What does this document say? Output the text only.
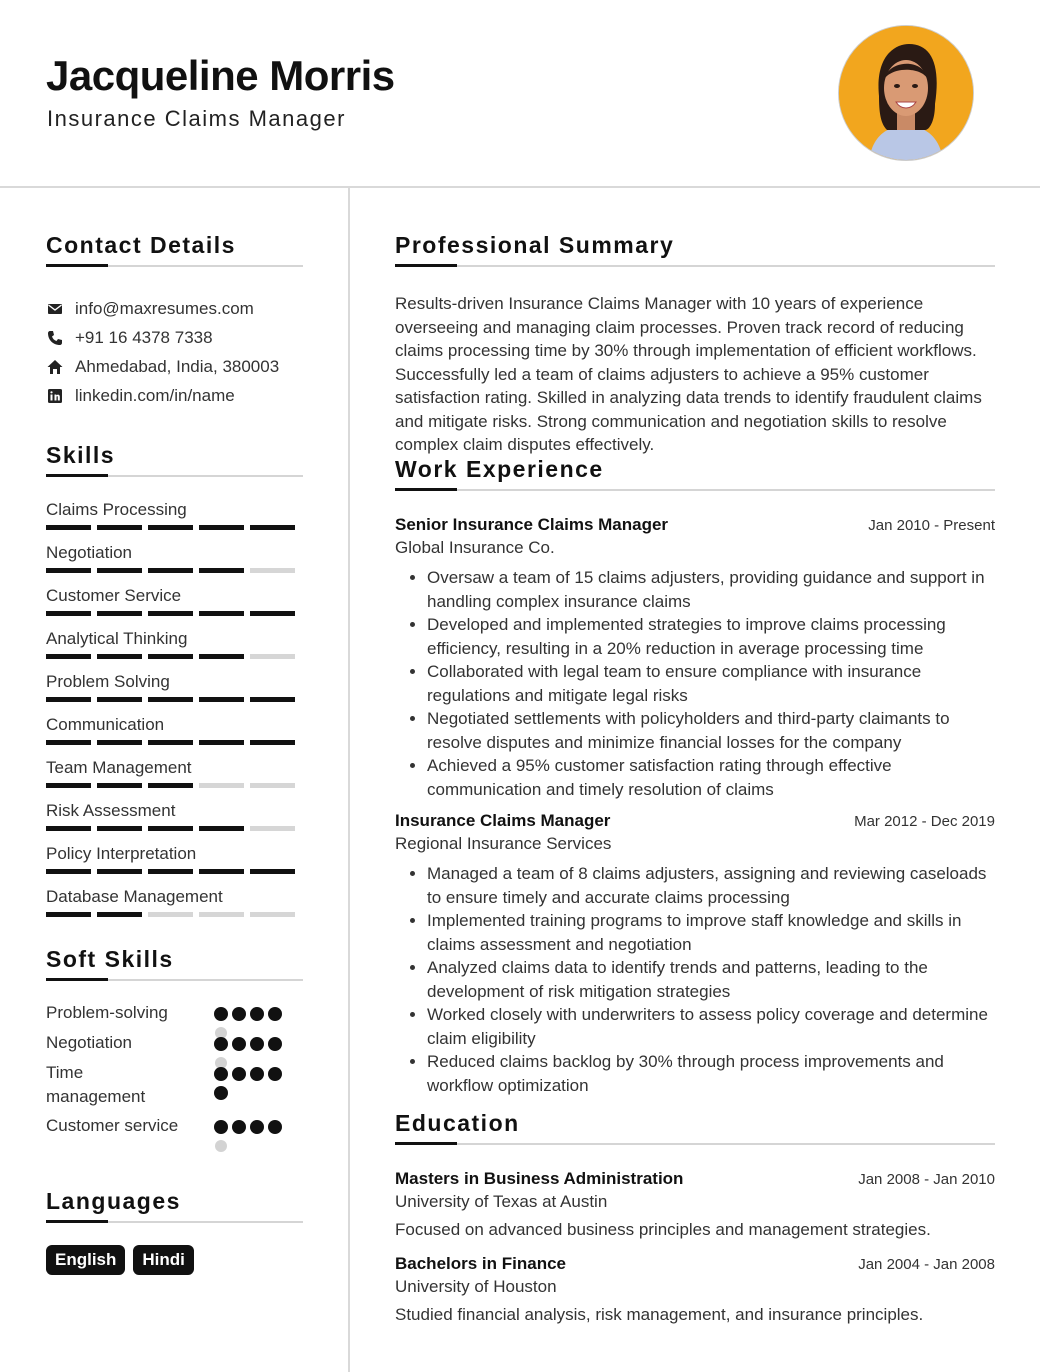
Jacqueline Morris
Insurance Claims Manager
Contact Details
info@maxresumes.com
+91 16 4378 7338
Ahmedabad, India, 380003
linkedin.com/in/name
Skills
Claims Processing
Negotiation
Customer Service
Analytical Thinking
Problem Solving
Communication
Team Management
Risk Assessment
Policy Interpretation
Database Management
Soft Skills
Problem-solving
Negotiation
Time management
Customer service
Languages
English	Hindi
Professional Summary
Results-driven Insurance Claims Manager with 10 years of experience overseeing and managing claim processes. Proven track record of reducing claims processing time by 30% through implementation of efficient workflows. Successfully led a team of claims adjusters to achieve a 95% customer satisfaction rating. Skilled in analyzing data trends to identify fraudulent claims and mitigate risks. Strong communication and negotiation skills to resolve complex claim disputes effectively.
Work Experience
Senior Insurance Claims Manager	Jan 2010 - Present
Global Insurance Co.
• Oversaw a team of 15 claims adjusters, providing guidance and support in handling complex insurance claims
• Developed and implemented strategies to improve claims processing efficiency, resulting in a 20% reduction in average processing time
• Collaborated with legal team to ensure compliance with insurance regulations and mitigate legal risks
• Negotiated settlements with policyholders and third-party claimants to resolve disputes and minimize financial losses for the company
• Achieved a 95% customer satisfaction rating through effective communication and timely resolution of claims
Insurance Claims Manager	Mar 2012 - Dec 2019
Regional Insurance Services
• Managed a team of 8 claims adjusters, assigning and reviewing caseloads to ensure timely and accurate claims processing
• Implemented training programs to improve staff knowledge and skills in claims assessment and negotiation
• Analyzed claims data to identify trends and patterns, leading to the development of risk mitigation strategies
• Worked closely with underwriters to assess policy coverage and determine claim eligibility
• Reduced claims backlog by 30% through process improvements and workflow optimization
Education
Masters in Business Administration	Jan 2008 - Jan 2010
University of Texas at Austin
Focused on advanced business principles and management strategies.
Bachelors in Finance	Jan 2004 - Jan 2008
University of Houston
Studied financial analysis, risk management, and insurance principles.
